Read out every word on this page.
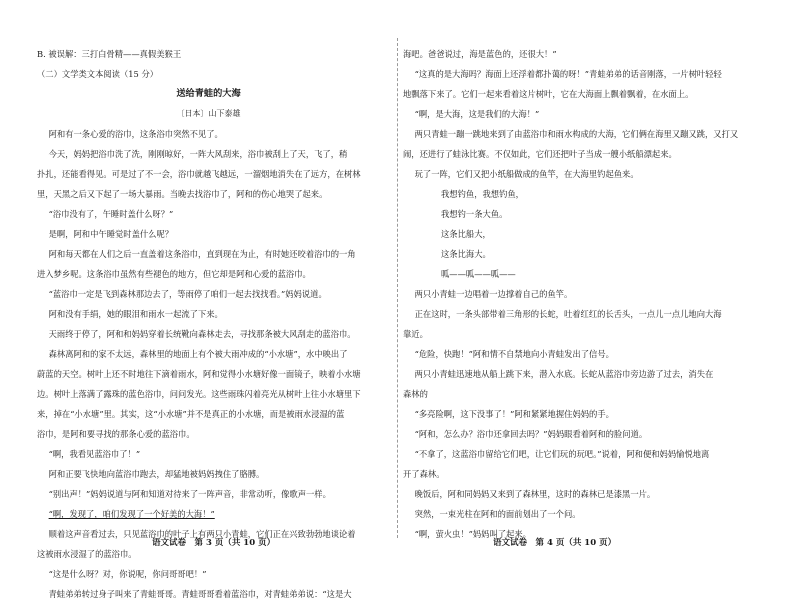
B. 被误解：三打白骨精——真假美猴王
（二）文学类文本阅读（15 分）
送给青蛙的大海
〔日本〕山下泰雄
阿和有一条心爱的浴巾，这条浴巾突然不见了。
今天，妈妈把浴巾洗了洗，刚刚晾好，一阵大风刮来，浴巾被刮上了天，飞了，稍
扑扎，还能看得见。可是过了不一会，浴巾就越飞越远，一溜烟地消失在了远方，在树林
里，天黑之后又下起了一场大暴雨。当晚去找浴巾了，阿和的伤心地哭了起来。
“浴巾没有了，午睡时盖什么呀？”
是啊，阿和中午睡觉时盖什么呢？
阿和每天都在人们之后一直盖着这条浴巾，直到现在为止，有时她还咬着浴巾的一角
进入梦乡呢。这条浴巾虽然有些褪色的地方，但它却是阿和心爱的蓝浴巾。
“蓝浴巾一定是飞到森林那边去了，等雨停了咱们一起去找找看。”妈妈说道。
阿和没有手绢，她的眼泪和雨水一起流了下来。
天雨终于停了，阿和和妈妈穿着长统靴向森林走去，寻找那条被大风刮走的蓝浴巾。
森林离阿和的家不太远，森林里的地面上有个被大雨冲成的“小水塘”，水中映出了
蔚蓝的天空。树叶上还不时地往下滴着雨水，阿和觉得小水塘好像一面镜子，映着小水塘
边。树叶上落满了露珠的蓝色浴巾，问问发光。这些雨珠闪着亮光从树叶上往小水塘里下
来，掉在“小水塘”里。其实，这“小水塘”并不是真正的小水塘，而是被雨水浸湿的蓝
浴巾，是阿和要寻找的那条心爱的蓝浴巾。
“啊，我看见蓝浴巾了！”
阿和正要飞快地向蓝浴巾跑去，却猛地被妈妈拽住了胳膊。
“别出声！”妈妈说道与阿和知道对待来了一阵声音，非常动听，像歌声一样。
“啊，发现了，咱们发现了一个好美的大海！”
顺着这声音看过去，只见蓝浴巾的叶子上有两只小青蛙，它们正在兴致勃勃地谈论着
这被雨水浸湿了的蓝浴巾。
“这是什么呀？对，你说呢，你问哥哥吧！”
青蛙弟弟转过身子叫来了青蛙哥哥。青蛙哥哥看着蓝浴巾，对青蛙弟弟说：“这是大
语文试卷　第 3 页（共 10 页）
海吧。爸爸说过，海是蓝色的，还很大！”
“这真的是大海吗？海面上还浮着都扑蔼的呀！”青蛙弟弟的话音刚落，一片树叶轻轻
地飘落下来了。它们一起来看着这片树叶，它在大海面上飘着飘着，在水面上。
“啊，是大海，这是我们的大海！”
两只青蛙一蹦一跳地来到了由蓝浴巾和雨水构成的大海，它们俩在海里又蹦又跳，又打又
闹，还进行了蛙泳比赛。不仅如此，它们还把叶子当成一艘小纸船漂起来。
玩了一阵，它们又把小纸船做成的鱼竿，在大海里钓起鱼来。
我想钓鱼，我想钓鱼，
我想钓一条大鱼。
这条比船大，
这条比海大。
呱——呱——呱——
两只小青蛙一边唱着一边撑着自己的鱼竿。
正在这时，一条头部带着三角形的长蛇，吐着红红的长舌头，一点儿一点儿地向大海
靠近。
“危险，快跑！”阿和情不自禁地向小青蛙发出了信号。
两只小青蛙迅速地从船上跳下来，潜入水底。长蛇从蓝浴巾旁边游了过去，消失在
森林的
“多亮险啊，这下没事了！”阿和紧紧地握住妈妈的手。
“阿和，怎么办？浴巾还拿回去吗？”妈妈眼看着阿和的脸问道。
“不拿了，这蓝浴巾留给它们吧，让它们玩的玩吧。”说着，阿和便和妈妈愉悦地离
开了森林。
晚饭后，阿和同妈妈又来到了森林里，这时的森林已是漆黑一片。
突然，一束光柱在阿和的面前划出了一个问。
“啊，萤火虫！”妈妈叫了起来。
语文试卷　第 4 页（共 10 页）
